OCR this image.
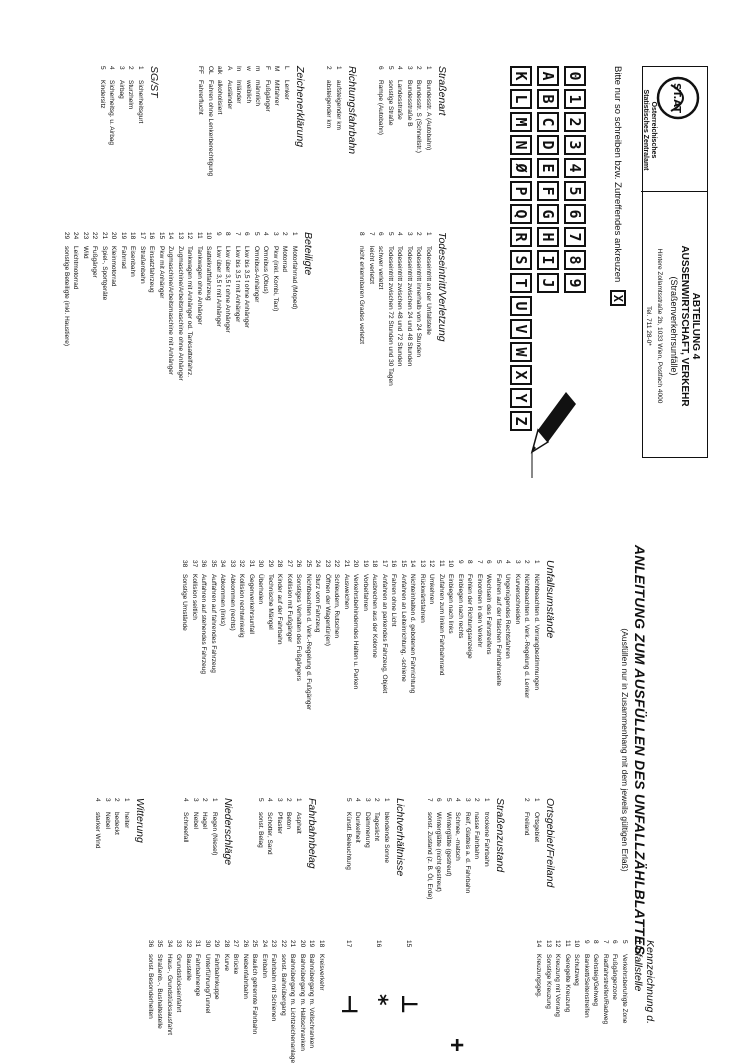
ST.AT
Österreichisches
Statistisches Zentralamt
ABTEILUNG 4
AUSSENWIRTSCHAFT, VERKEHR
(Straßenverkehrsunfälle)
Hintere Zollamtsstraße 2b, 1033 Wien, Postfach 4000
Tel. 711 28-0*
Bitte nur so schreiben bzw. Zutreffendes ankreuzen
X
0
1
2
3
4
5
6
7
8
9
A
B
C
D
E
F
G
H
I
J
K
L
M
N
Ø
P
Q
R
S
T
U
V
W
X
Y
Z
Straßenart
1Bundesstr. A (Autobahn)
2Bundesstr. S (Schnellstr.)
3Bundesstraße B
4Landesstraße
5sonstige Straße
6Rampe (Autobahn)
Richtungsfahrbahn
1aufsteigender km
2absteigender km
Zeichenerklärung
LLenker
MMitfahrer
FFußgänger
mmännlich
wweiblich
InInländer
AAusländer
alkalkoholisiert
OLFahren ohne Lenkerberechtigung
FFFahrerflucht
SG/ST
1Sicherheitsgurt
2Sturzhelm
3Airbag
4Sicherheitsg. u. Airbag
5Kindersitz
Todeseintritt/Verletzung
1Todeseintritt an der Unfallstelle
2Todeseintritt innerhalb von 24 Stunden
3Todeseintritt zwischen 24 und 48 Stunden
4Todeseintritt zwischen 48 und 72 Stunden
5Todeseintritt zwischen 72 Stunden und 30 Tagen
6schwer verletzt
7leicht verletzt
8nicht erkennbaren Grades verletzt
Beteiligte
1Motorfahrrad (Moped)
2Motorrad
3Pkw (inkl. Kombi, Taxi)
4Omnibus (Obus)
5Omnibus-Anhänger
6Lkw bis 3,5 t ohne Anhänger
7Lkw bis 3,5 t mit Anhänger
8Lkw über 3,5 t ohne Anhänger
9Lkw über 3,5 t mit Anhänger
10Sattelkraftfahrzeug
11Tankwagen ohne Anhänger
12Tankwagen mit Anhänger od. Tanksattelfahrz.
13Zugmaschine/Arbeitsmaschine ohne Anhänger
14Zugmaschine/Arbeitsmaschine mit Anhänger
15Pkw mit Anhänger
16Einsatzfahrzeug
17Straßenbahn
18Eisenbahn
19Fahrrad
20Kleinmotorrad
21Spiel-, Sportgeräte
22Fußgänger
23Wild
24Leichtmotorrad
29sonstige Beteiligte (inkl. Haustiere)
ANLEITUNG ZUM AUSFÜLLEN DES UNFALLZÄHLBLATTES
(Ausfüllen nur in Zusammenhang mit dem jeweils gültigen Erlaß)
Unfallsumstände
1Nichtbeachten d. Vorrangbestimmungen
2Nichtbeachten d. Verk.-Regelung d. Lenker
3Kurvenschneiden
4Ungenügendes Rechtsfahren
5Fahren auf der falschen Fahrbahnseite
6Wechseln des Fahrstreifens
7Einordnen in den Verkehr
8Fehlen der Richtungsanzeige
9Einbiegen nach rechts
10Einbiegen nach links
11Zufahren zum linken Fahrbahnrand
12Umkehren
13Rückwärtsfahren
14Nichteinhalten d. gebotenen Fahrrichtung
15Anfahren an Leiteinrichtung, -schiene
16Fahren ohne Licht
17Anfahren an parkendes Fahrzeug, Objekt
18Ausbrechen aus der Kolonne
19Vorbeifahren
20Verkehrsbehinderndes Halten u. Parken
21Ausweichen
22Schleudern, Rutschen
23Öffnen der Wagentür(en)
24Sturz vom Fahrzeug
25Nichtbeachten d. Verk.-Regelung d. Fußgänger
26Sonstiges Verhalten des Fußgängers
27Kollision mit Fußgänger
28Kinder auf der Fahrbahn
29Technische Mängel
30Überholen
31Gegenverkehrsunfall
32Kollision rechtwinkelig
33Abkommen (rechts)
34Abkommen (links)
35Auffahren auf fahrendes Fahrzeug
36Auffahren auf stehendes Fahrzeug
37Kollision seitlich
38Sonstige Umstände
Ortsgebiet/Freiland
1Ortsgebiet
2Freiland
Straßenzustand
1trockene Fahrbahn
2nasse Fahrbahn
3Reif, Glatteis a. d. Fahrbahn
4Schnee, -matsch
5Winterglätte (gestreut)
6Winterglätte (nicht gestreut)
7sonst. Zustand (z. B. Öl, Erde)
Lichtverhältnisse
1blendende Sonne
2Tageslicht
3Dämmerung
4Dunkelheit
5Künstl. Beleuchtung
Fahrbahnbelag
1Asphalt
2Beton
3Pflaster
4Schotter, Sand
5sonst. Belag
Niederschläge
1Regen (Niesel)
2Hagel
3Nebel
4Schneefall
Witterung
1heiter
2bedeckt
3Nebel
4starker Wind
Kennzeichnung d. Unfallstelle
5Verkehrsberuhigte Zone
6Fußgängerzone
7Radfahrstreifen/Radweg
8Gehsteig/Gehweg
9Bankett/Seitenstreifen
10Schutzweg
11Geregelte Kreuzung
12Kreuzung mit Vorrang
13Sonstige Kreuzung
14Kreuzungsgeg.
15
⊥
16
*
17
⊣
+
18Kreisverkehr
19Bahnübergang m. Vollschranken
20Bahnübergang m. Halbschranken
21Bahnübergang m. Lichtzeichenanlage
22sonst. Bahnübergang
23Fahrbahn mit Schienen
24Einbahn
25Baulich getrennte Fahrbahn
26Nebenfahrbahn
27Brücke
28Kurve
29Fahrbahnkuppe
30Unterführung/Tunnel
31Fahrbahnenge
32Baustelle
33Grundstückseinfahrt
34Haus-, Grundstücksausfahrt
35Straßenb.-, Bushaltestelle
36sonst. Besonderheiten
